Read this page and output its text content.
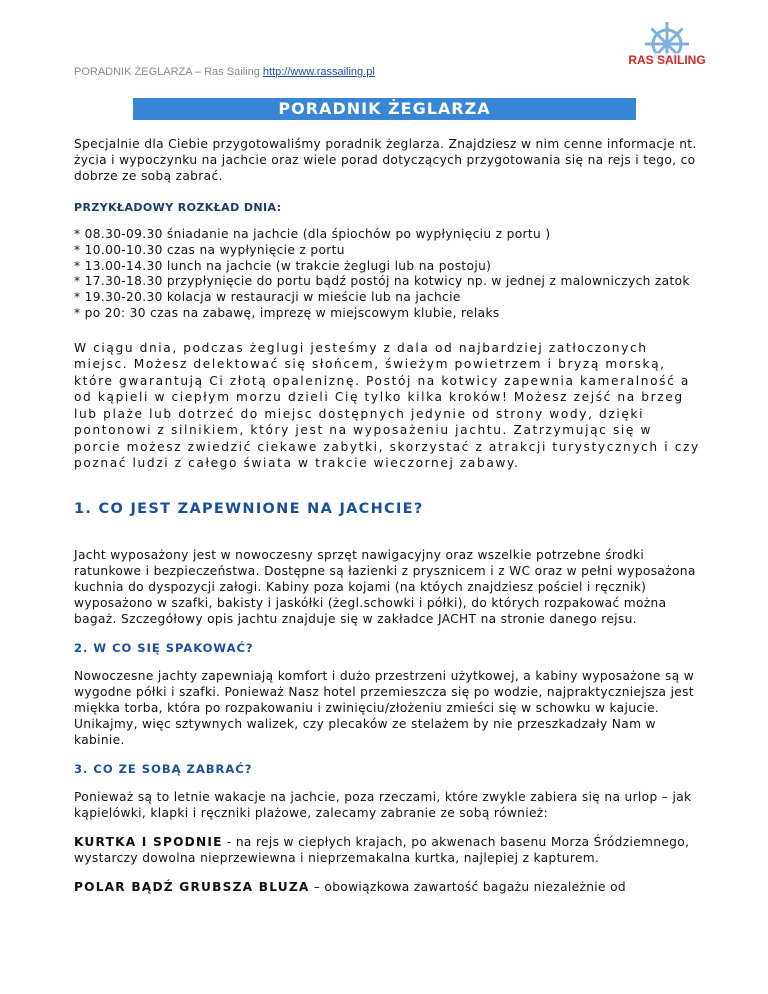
PORADNIK ŻEGLARZA – Ras Sailing http://www.rassailing.pl
RAS SAILING
PORADNIK ŻEGLARZA

Specjalnie dla Ciebie przygotowaliśmy poradnik żeglarza. Znajdziesz w nim cenne informacje nt. życia i wypoczynku na jachcie oraz wiele porad dotyczących przygotowania się na rejs i tego, co dobrze ze sobą zabrać.

PRZYKŁADOWY ROZKŁAD DNIA:
* 08.30-09.30 śniadanie na jachcie (dla śpiochów po wypłynięciu z portu )
* 10.00-10.30 czas na wypłynięcie z portu
* 13.00-14.30 lunch na jachcie (w trakcie żeglugi lub na postoju)
* 17.30-18.30 przypłynięcie do portu bądź postój na kotwicy np. w jednej z malowniczych zatok
* 19.30-20.30 kolacja w restauracji w mieście lub na jachcie
* po 20: 30 czas na zabawę, imprezę w miejscowym klubie, relaks

W ciągu dnia, podczas żeglugi jesteśmy z dala od najbardziej zatłoczonych miejsc. Możesz delektować się słońcem, świeżym powietrzem i bryzą morską, które gwarantują Ci złotą opaleniznę. Postój na kotwicy zapewnia kameralność a od kąpieli w ciepłym morzu dzieli Cię tylko kilka kroków! Możesz zejść na brzeg lub plaże lub dotrzeć do miejsc dostępnych jedynie od strony wody, dzięki pontonowi z silnikiem, który jest na wyposażeniu jachtu. Zatrzymując się w porcie możesz zwiedzić ciekawe zabytki, skorzystać z atrakcji turystycznych i czy poznać ludzi z całego świata w trakcie wieczornej zabawy.

1. CO JEST ZAPEWNIONE NA JACHCIE?

Jacht wyposażony jest w nowoczesny sprzęt nawigacyjny oraz wszelkie potrzebne środki ratunkowe i bezpieczeństwa. Dostępne są łazienki z prysznicem i z WC oraz w pełni wyposażona kuchnia do dyspozycji załogi. Kabiny poza kojami (na któych znajdziesz pościel i ręcznik) wyposażono w szafki, bakisty i jaskółki (żegl.schowki i półki), do których rozpakować można bagaż. Szczegółowy opis jachtu znajduje się w zakładce JACHT na stronie danego rejsu.

2. W CO SIĘ SPAKOWAĆ?

Nowoczesne jachty zapewniają komfort i dużo przestrzeni użytkowej, a kabiny wyposażone są w wygodne półki i szafki. Ponieważ Nasz hotel przemieszcza się po wodzie, najpraktyczniejsza jest miękka torba, która po rozpakowaniu i zwinięciu/złożeniu zmieści się w schowku w kajucie. Unikajmy, więc sztywnych walizek, czy plecaków ze stelażem by nie przeszkadzały Nam w kabinie.

3. CO ZE SOBĄ ZABRAĆ?

Ponieważ są to letnie wakacje na jachcie, poza rzeczami, które zwykle zabiera się na urlop – jak kąpielówki, klapki i ręczniki plażowe, zalecamy zabranie ze sobą również:

KURTKA I SPODNIE - na rejs w ciepłych krajach, po akwenach basenu Morza Śródziemnego, wystarczy dowolna nieprzewiewna i nieprzemakalna kurtka, najlepiej z kapturem.

POLAR BĄDŹ GRUBSZA BLUZA – obowiązkowa zawartość bagażu niezależnie od
